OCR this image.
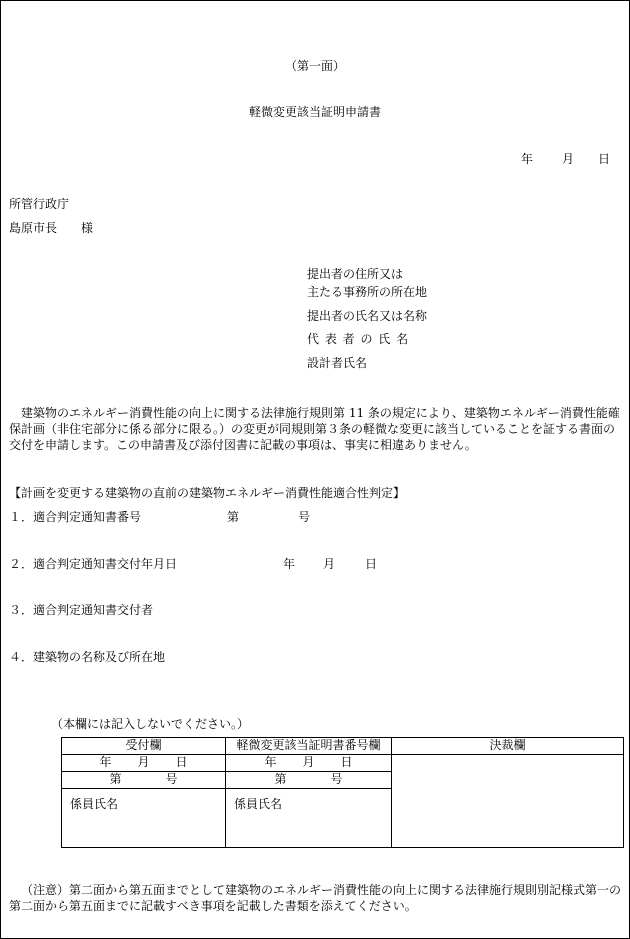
（第一面）
軽微変更該当証明申請書
年 月 日
所管行政庁
島原市長　　様
提出者の住所又は
主たる事務所の所在地
提出者の氏名又は名称
代 表 者 の 氏 名
設計者氏名
建築物のエネルギー消費性能の向上に関する法律施行規則第 11 条の規定により、建築物エネルギー消費性能確保計画（非住宅部分に係る部分に限る。）の変更が同規則第３条の軽微な変更に該当していることを証する書面の交付を申請します。この申請書及び添付図書に記載の事項は、事実に相違ありません。
【計画を変更する建築物の直前の建築物エネルギー消費性能適合性判定】
１．適合判定通知書番号	第	号
２．適合判定通知書交付年月日	年 月 日
３．適合判定通知書交付者
４．建築物の名称及び所在地
（本欄には記入しないでください。）
受付欄	軽微変更該当証明書番号欄	決裁欄
年 月 日	年 月 日	
第 号	第 号	
係員氏名	係員氏名	
（注意）第二面から第五面までとして建築物のエネルギー消費性能の向上に関する法律施行規則別記様式第一の第二面から第五面までに記載すべき事項を記載した書類を添えてください。
